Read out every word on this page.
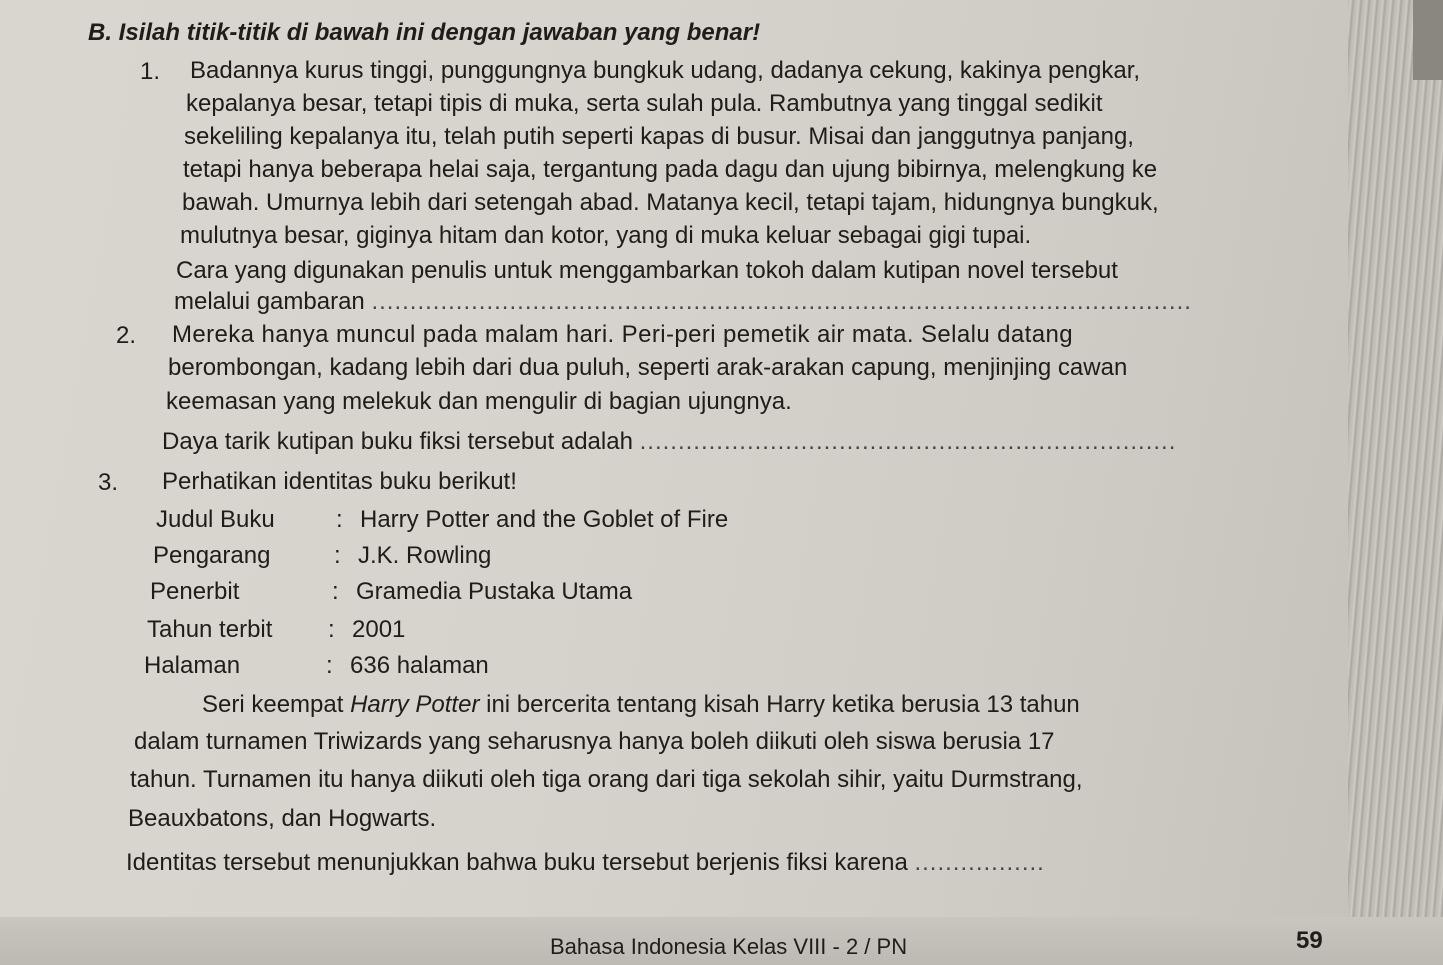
B. Isilah titik-titik di bawah ini dengan jawaban yang benar!
1. Badannya kurus tinggi, punggungnya bungkuk udang, dadanya cekung, kakinya pengkar,
kepalanya besar, tetapi tipis di muka, serta sulah pula. Rambutnya yang tinggal sedikit
sekeliling kepalanya itu, telah putih seperti kapas di busur. Misai dan janggutnya panjang,
tetapi hanya beberapa helai saja, tergantung pada dagu dan ujung bibirnya, melengkung ke
bawah. Umurnya lebih dari setengah abad. Matanya kecil, tetapi tajam, hidungnya bungkuk,
mulutnya besar, giginya hitam dan kotor, yang di muka keluar sebagai gigi tupai.
Cara yang digunakan penulis untuk menggambarkan tokoh dalam kutipan novel tersebut
melalui gambaran ...........................................................................................................
2. Mereka hanya muncul pada malam hari. Peri-peri pemetik air mata. Selalu datang
berombongan, kadang lebih dari dua puluh, seperti arak-arakan capung, menjinjing cawan
keemasan yang melekuk dan mengulir di bagian ujungnya.
Daya tarik kutipan buku fiksi tersebut adalah ......................................................................
3. Perhatikan identitas buku berikut!
Judul Buku	: Harry Potter and the Goblet of Fire
Pengarang	: J.K. Rowling
Penerbit	: Gramedia Pustaka Utama
Tahun terbit : 2001
Halaman	: 636 halaman
Seri keempat Harry Potter ini bercerita tentang kisah Harry ketika berusia 13 tahun
dalam turnamen Triwizards yang seharusnya hanya boleh diikuti oleh siswa berusia 17
tahun. Turnamen itu hanya diikuti oleh tiga orang dari tiga sekolah sihir, yaitu Durmstrang,
Beauxbatons, dan Hogwarts.
Identitas tersebut menunjukkan bahwa buku tersebut berjenis fiksi karena .................
Bahasa Indonesia Kelas VIII - 2 / PN	59
